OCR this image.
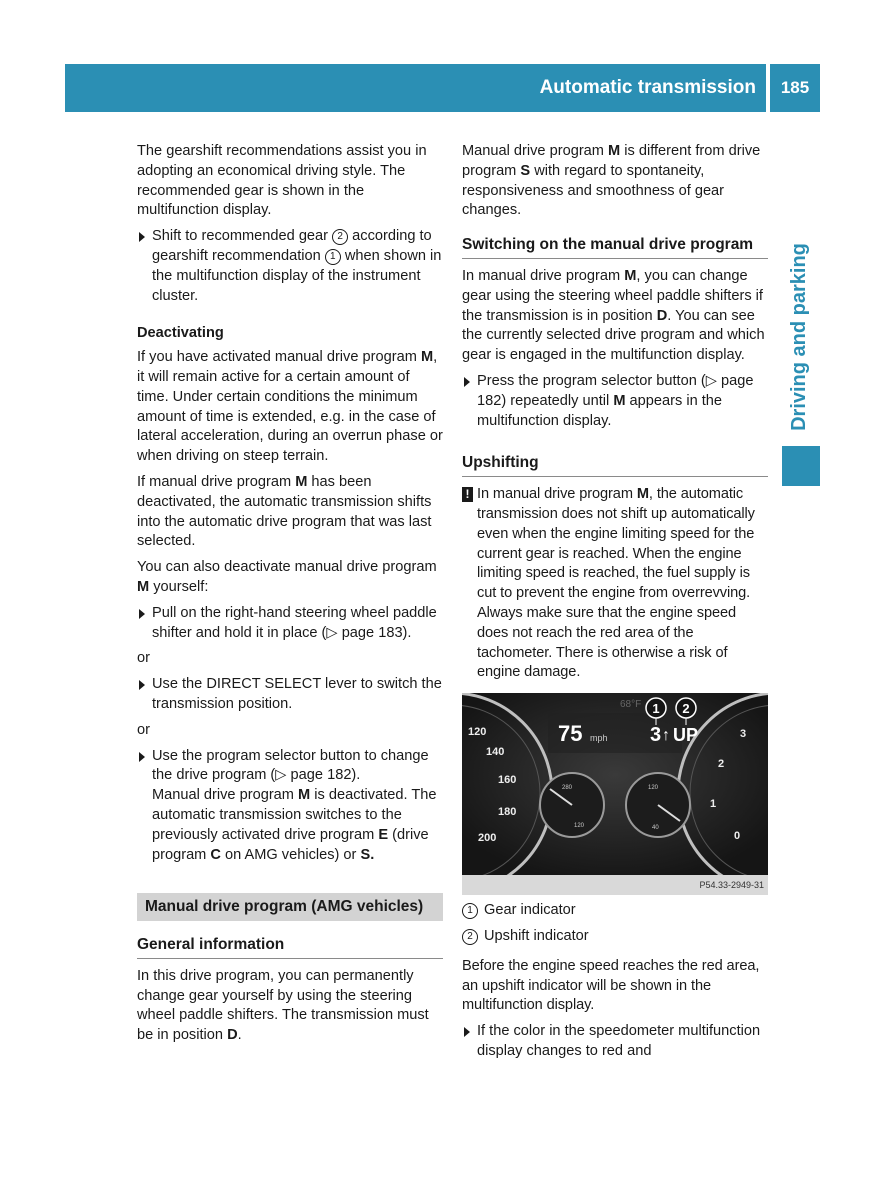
Automatic transmission	185
Driving and parking

The gearshift recommendations assist you in adopting an economical driving style. The recommended gear is shown in the multifunction display.

Shift to recommended gear 2 according to gearshift recommendation 1 when shown in the multifunction display of the instrument cluster.
Deactivating

If you have activated manual drive program M, it will remain active for a certain amount of time. Under certain conditions the minimum amount of time is extended, e.g. in the case of lateral acceleration, during an overrun phase or when driving on steep terrain.

If manual drive program M has been deactivated, the automatic transmission shifts into the automatic drive program that was last selected.

You can also deactivate manual drive program M yourself:

Pull on the right-hand steering wheel paddle shifter and hold it in place (▷ page 183).
or
Use the DIRECT SELECT lever to switch the transmission position.
or
Use the program selector button to change the drive program (▷ page 182).
Manual drive program M is deactivated. The automatic transmission switches to the previously activated drive program E (drive program C on AMG vehicles) or S.
Manual drive program (AMG vehicles)
General information

In this drive program, you can permanently change gear yourself by using the steering wheel paddle shifters. The transmission must be in position D.

Manual drive program M is different from drive program S with regard to spontaneity, responsiveness and smoothness of gear changes.

Switching on the manual drive program

In manual drive program M, you can change gear using the steering wheel paddle shifters if the transmission is in position D. You can see the currently selected drive program and which gear is engaged in the multifunction display.

Press the program selector button (▷ page 182) repeatedly until M appears in the multifunction display.
Upshifting
! In manual drive program M, the automatic transmission does not shift up automatically even when the engine limiting speed for the current gear is reached. When the engine limiting speed is reached, the fuel supply is cut to prevent the engine from overrevving. Always make sure that the engine speed does not reach the red area of the tachometer. There is otherwise a risk of engine damage.
1 2
68°F
75 mph 3 ↑ UP
120
140
160
180
200
3
2
1
0
280
120
120
40
P54.33-2949-31
1 Gear indicator
2 Upshift indicator

Before the engine speed reaches the red area, an upshift indicator will be shown in the multifunction display.

If the color in the speedometer multifunction display changes to red and
